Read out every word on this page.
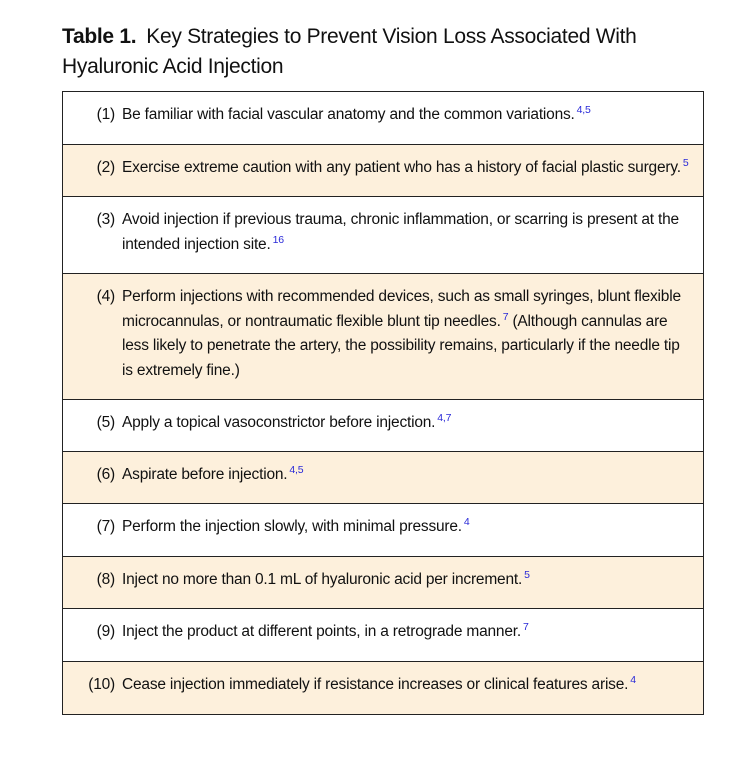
Table 1. Key Strategies to Prevent Vision Loss Associated With Hyaluronic Acid Injection
(1) Be familiar with facial vascular anatomy and the common variations. $^{4,5}$
(2) Exercise extreme caution with any patient who has a history of facial plastic surgery. $^5$
(3) Avoid injection if previous trauma, chronic inflammation, or scarring is present at the intended injection site. $^{16}$
(4) Perform injections with recommended devices, such as small syringes, blunt flexible microcannulas, or nontraumatic flexible blunt tip needles. $^7$ (Although cannulas are less likely to penetrate the artery, the possibility remains, particularly if the needle tip is extremely fine.)
(5) Apply a topical vasoconstrictor before injection. $^{4,7}$
(6) Aspirate before injection. $^{4,5}$
(7) Perform the injection slowly, with minimal pressure. $^4$
(8) Inject no more than 0.1 mL of hyaluronic acid per increment. $^5$
(9) Inject the product at different points, in a retrograde manner. $^7$
(10) Cease injection immediately if resistance increases or clinical features arise. $^4$
